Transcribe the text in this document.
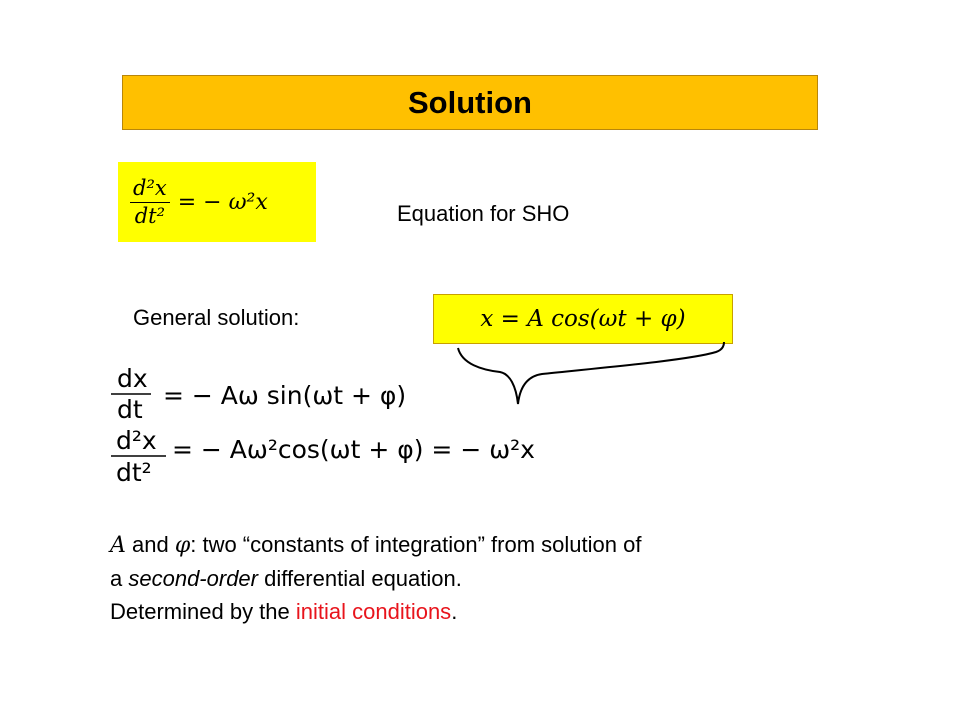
Solution
$\frac{\text{d²x}}{\text{dt²}}$ = − ω²x	Equation for SHO
General solution:	x = A cos(ωt + φ)
dx
dt = − Aω sin(ωt + φ)
d²x
dt²
= − Aω²cos(ωt + φ) = − ω²x
A and φ: two “constants of integration” from solution of
a second-order differential equation.
Determined by the initial conditions.
